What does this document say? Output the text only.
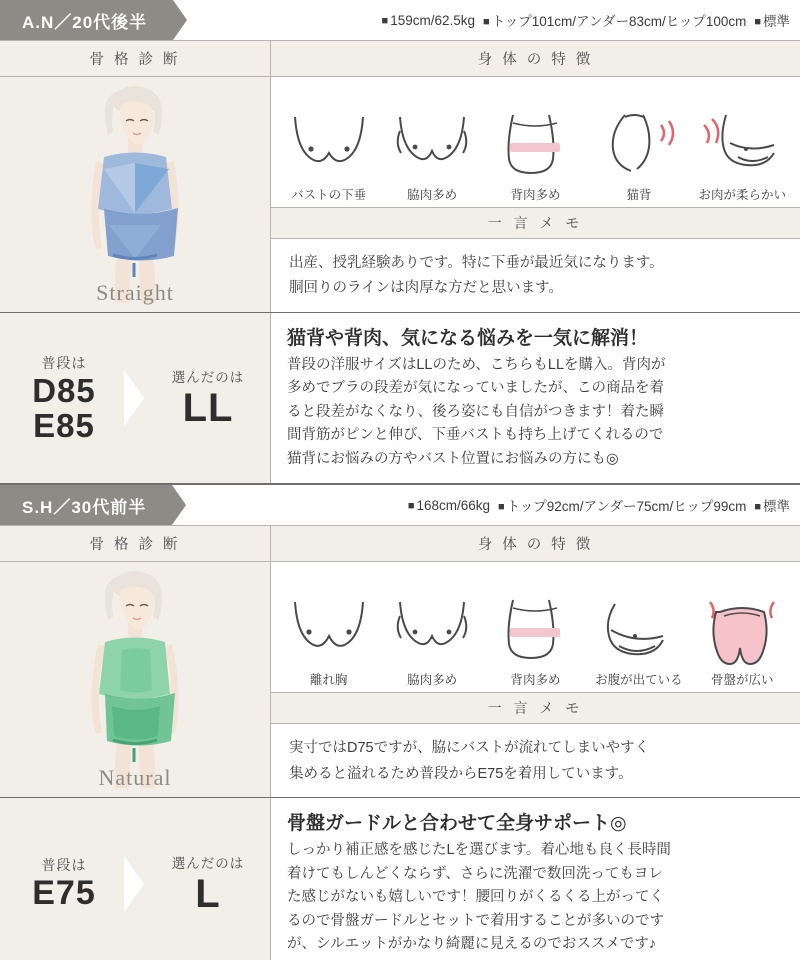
A.N／20代後半	■ 159cm/62.5kg	■ トップ101cm/アンダー83cm/ヒップ100cm	■ 標準
骨 格 診 断	身 体 の 特 徴
Straight
バストの下垂	脇肉多め	背肉多め	猫背	お肉が柔らかい
一 言 メ モ
出産、授乳経験ありです。特に下垂が最近気になります。
胴回りのラインは肉厚な方だと思います。
普段は
D85
E85
選んだのは
LL
猫背や背肉、気になる悩みを一気に解消！
普段の洋服サイズはLLのため、こちらもLLを購入。背肉が
多めでブラの段差が気になっていましたが、この商品を着
ると段差がなくなり、後ろ姿にも自信がつきます！着た瞬
間背筋がピンと伸び、下垂バストも持ち上げてくれるので
猫背にお悩みの方やバスト位置にお悩みの方にも◎
S.H／30代前半	■ 168cm/66kg	■ トップ92cm/アンダー75cm/ヒップ99cm	■ 標準
骨 格 診 断	身 体 の 特 徴
Natural
離れ胸	脇肉多め	背肉多め	お腹が出ている	骨盤が広い
一 言 メ モ
実寸ではD75ですが、脇にバストが流れてしまいやすく
集めると溢れるため普段からE75を着用しています。
普段は
E75
選んだのは
L
骨盤ガードルと合わせて全身サポート◎
しっかり補正感を感じたLを選びます。着心地も良く長時間
着けてもしんどくならず、さらに洗濯で数回洗ってもヨレ
た感じがないも嬉しいです！腰回りがくるくる上がってく
るので骨盤ガードルとセットで着用することが多いのです
が、シルエットがかなり綺麗に見えるのでおススメです♪
